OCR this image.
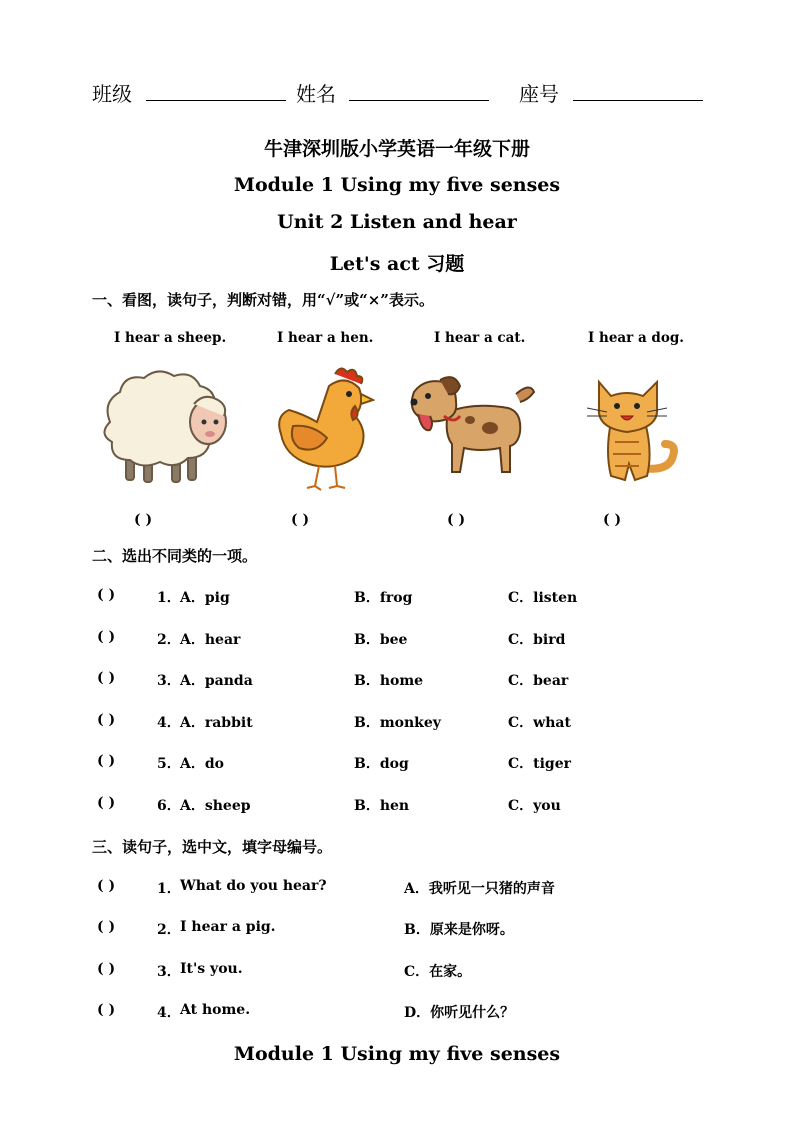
班级	姓名	座号
牛津深圳版小学英语一年级下册
Module 1 Using my five senses
Unit 2 Listen and hear
Let's act 习题
一、看图，读句子，判断对错，用“√”或“×”表示。
I hear a sheep.	I hear a hen.	I hear a cat.	I hear a dog.
( )	( )	( )	( )
二、选出不同类的一项。
( )	1． A．pig	B．frog	C．listen
( )	2． A．hear	B．bee	C．bird
( )	3． A．panda	B．home	C．bear
( )	4． A．rabbit	B．monkey	C．what
( )	5． A．do	B．dog	C．tiger
( )	6． A．sheep	B．hen	C．you
三、读句子，选中文，填字母编号。
( )	1． What do you hear?	A．我听见一只猪的声音
( )	2． I hear a pig.	B．原来是你呀。
( )	3． It's you.	C．在家。
( )	4． At home.	D．你听见什么？
Module 1 Using my five senses
